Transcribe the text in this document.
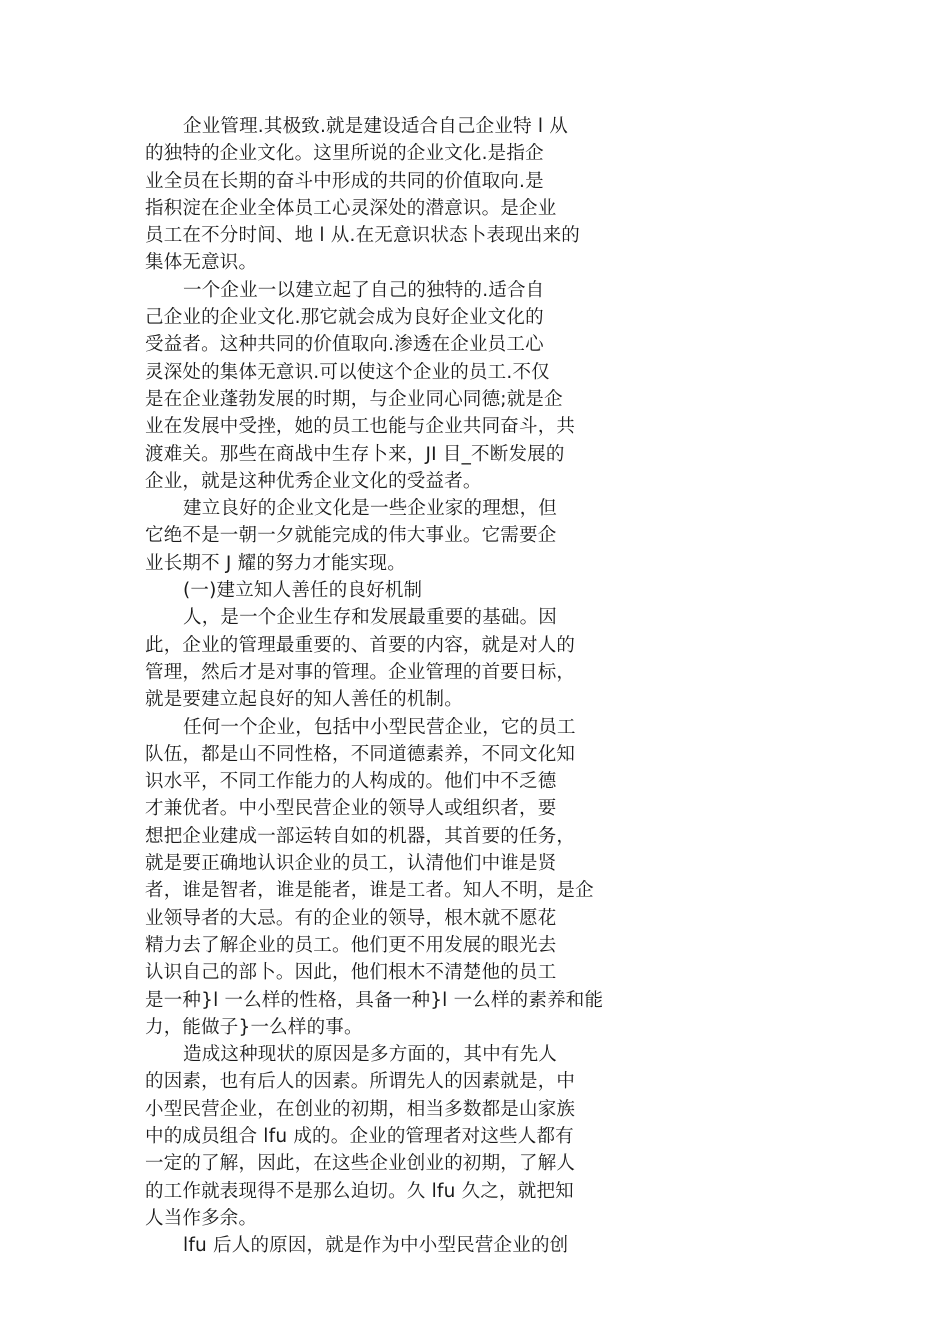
企业管理.其极致.就是建设适合自己企业特 l 从
的独特的企业文化。这里所说的企业文化.是指企
业全员在长期的奋斗中形成的共同的价值取向.是
指积淀在企业全体员工心灵深处的潜意识。是企业
员工在不分时间、地 l 从.在无意识状态卜表现出来的
集体无意识。
一个企业一以建立起了自己的独特的.适合自
己企业的企业文化.那它就会成为良好企业文化的
受益者。这种共同的价值取向.渗透在企业员工心
灵深处的集体无意识.可以使这个企业的员工.不仅
是在企业蓬勃发展的时期，与企业同心同德;就是企
业在发展中受挫，她的员工也能与企业共同奋斗，共
渡难关。那些在商战中生存卜来，JI 目_不断发展的
企业，就是这种优秀企业文化的受益者。
建立良好的企业文化是一些企业家的理想，但
它绝不是一朝一夕就能完成的伟大事业。它需要企
业长期不 J 耀的努力才能实现。
(一)建立知人善任的良好机制
人，是一个企业生存和发展最重要的基础。因
此，企业的管理最重要的、首要的内容，就是对人的
管理，然后才是对事的管理。企业管理的首要日标，
就是要建立起良好的知人善任的机制。
任何一个企业，包括中小型民营企业，它的员工
队伍，都是山不同性格，不同道德素养，不同文化知
识水平，不同工作能力的人构成的。他们中不乏德
才兼优者。中小型民营企业的领导人或组织者，要
想把企业建成一部运转自如的机器，其首要的任务，
就是要正确地认识企业的员工，认清他们中谁是贤
者，谁是智者，谁是能者，谁是工者。知人不明，是企
业领导者的大忌。有的企业的领导，根木就不愿花
精力去了解企业的员工。他们更不用发展的眼光去
认识自己的部卜。因此，他们根木不清楚他的员工
是一种}l 一么样的性格，具备一种}l 一么样的素养和能
力，能做子}一么样的事。
造成这种现状的原因是多方面的，其中有先人
的因素，也有后人的因素。所谓先人的因素就是，中
小型民营企业，在创业的初期，相当多数都是山家族
中的成员组合 lfu 成的。企业的管理者对这些人都有
一定的了解，因此，在这些企业创业的初期，了解人
的工作就表现得不是那么迫切。久 lfu 久之，就把知
人当作多余。
lfu 后人的原因，就是作为中小型民营企业的创
